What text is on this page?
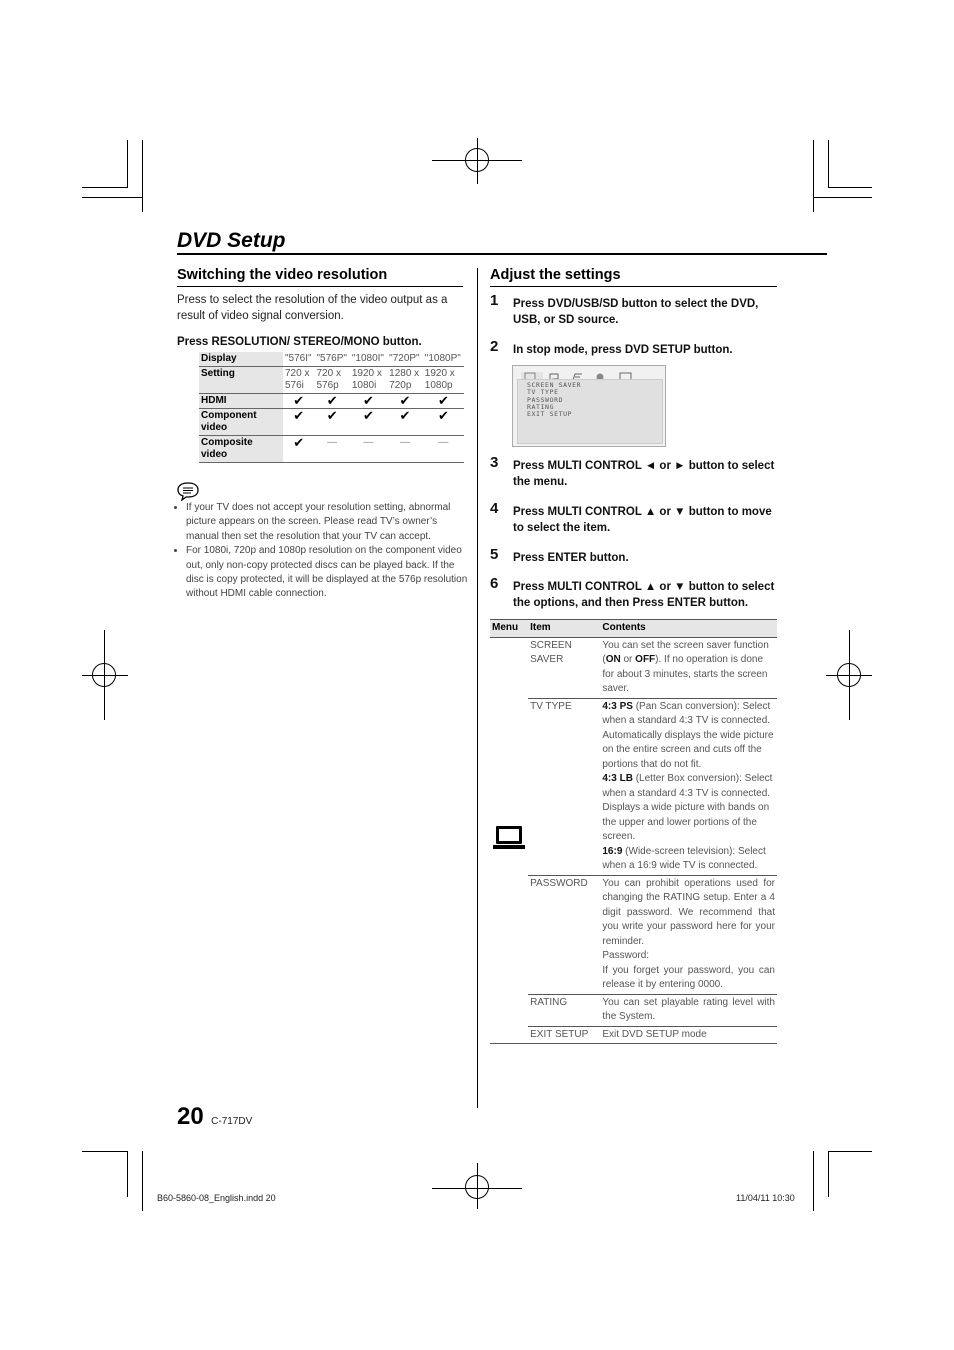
DVD Setup
Switching the video resolution
Press to select the resolution of the video output as a result of video signal conversion.
Press RESOLUTION/ STEREO/MONO button.
Display	"576I"	"576P"	"1080I"	"720P"	"1080P"
Setting	720 x 576i	720 x 576p	1920 x 1080i	1280 x 720p	1920 x 1080p
HDMI	✔	✔	✔	✔	✔
Component video	✔	✔	✔	✔	✔
Composite video	✔	—	—	—	—
• If your TV does not accept your resolution setting, abnormal picture appears on the screen. Please read TV’s owner’s manual then set the resolution that your TV can accept.
• For 1080i, 720p and 1080p resolution on the component video out, only non-copy protected discs can be played back. If the disc is copy protected, it will be displayed at the 576p resolution without HDMI cable connection.
Adjust the settings
1 Press DVD/USB/SD button to select the DVD, USB, or SD source.
2 In stop mode, press DVD SETUP button.
SCREEN SAVER
TV TYPE
PASSWORD
RATING
EXIT SETUP
3 Press MULTI CONTROL ◄ or ► button to select the menu.
4 Press MULTI CONTROL ▲ or ▼ button to move to select the item.
5 Press ENTER button.
6 Press MULTI CONTROL ▲ or ▼ button to select the options, and then Press ENTER button.
Menu	Item	Contents
	SCREEN SAVER	You can set the screen saver function (ON or OFF). If no operation is done for about 3 minutes, starts the screen saver.
	TV TYPE	4:3 PS (Pan Scan conversion): Select when a standard 4:3 TV is connected. Automatically displays the wide picture on the entire screen and cuts off the portions that do not fit.
4:3 LB (Letter Box conversion): Select when a standard 4:3 TV is connected. Displays a wide picture with bands on the upper and lower portions of the screen.
16:9 (Wide-screen television): Select when a 16:9 wide TV is connected.
	PASSWORD	You can prohibit operations used for changing the RATING setup. Enter a 4 digit password. We recommend that you write your password here for your reminder.
Password:
If you forget your password, you can release it by entering 0000.
	RATING	You can set playable rating level with the System.
	EXIT SETUP	Exit DVD SETUP mode
20 C-717DV
B60-5860-08_English.indd 20	11/04/11 10:30
